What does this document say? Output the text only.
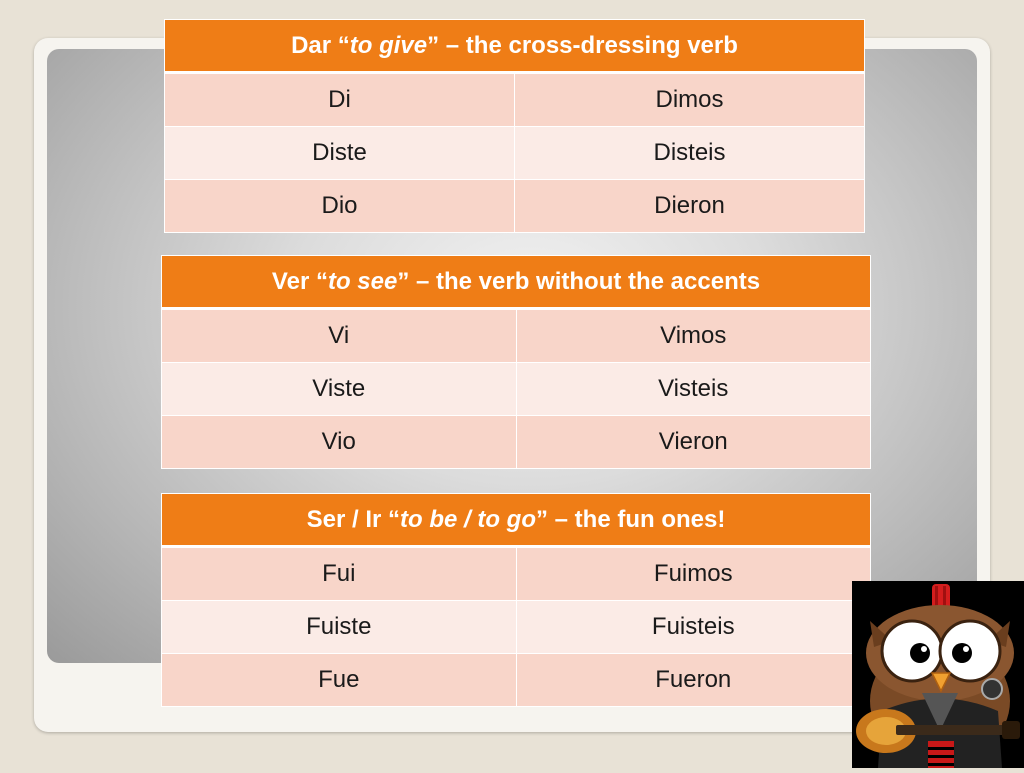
Dar “to give” – the cross-dressing verb	
Di	Dimos
Diste	Disteis
Dio	Dieron
Ver “to see” – the verb without the accents	
Vi	Vimos
Viste	Visteis
Vio	Vieron
Ser / Ir “to be / to go” – the fun ones!	
Fui	Fuimos
Fuiste	Fuisteis
Fue	Fueron
